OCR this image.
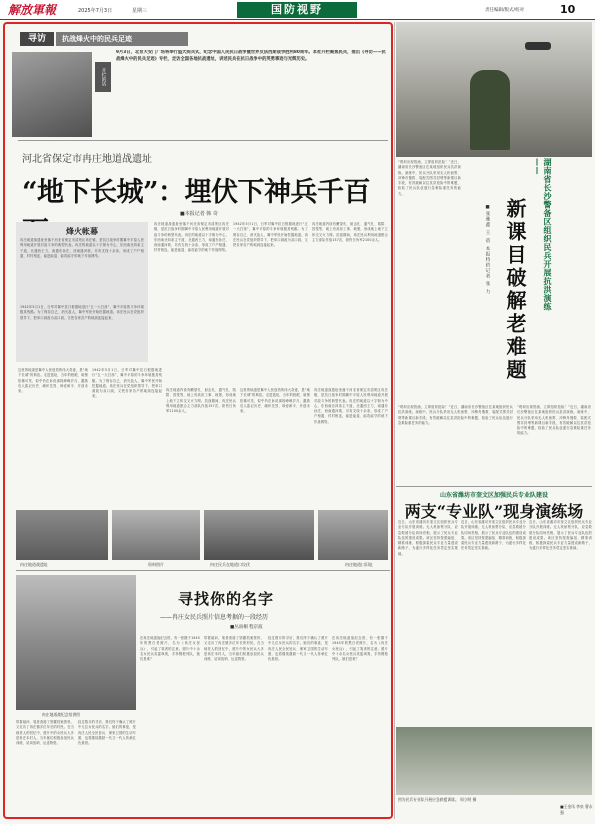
解放軍報	2025年7月3日	星期三	国防视野	责任编辑/版式/校对	10
“堤坝出现管涌，立即组织抢险！”近日，湖南省长沙警备区在某地组织民兵抗洪演练。演练中，民兵分队采用无人机侦察、冲锋舟搜救、装配式围井封堵等新课目新手段，有效破解以往抗洪抢险中的难题，检验了民兵队伍遂行急难险重任务的能力。
■张雅鑫 王 蓓 本报特约记者 张 力	湖南省长沙警备区组织民兵开展抗洪演练——
新课目破解老难题
“堤坝出现管涌，立即组织抢险！”近日，湖南省长沙警备区在某地组织民兵抗洪演练。演练中，民兵分队采用无人机侦察、冲锋舟搜救、装配式围井封堵等新课目新手段，有效破解以往抗洪抢险中的难题，检验了民兵队伍遂行急难险重任务的能力。
“堤坝出现管涌，立即组织抢险！”近日，湖南省长沙警备区在某地组织民兵抗洪演练。演练中，民兵分队采用无人机侦察、冲锋舟搜救、装配式围井封堵等新课目新手段，有效破解以往抗洪抢险中的难题，检验了民兵队伍遂行急难险重任务的能力。
山东省潍坊市奎文区加强民兵专业队建设
两支“专业队”现身演练场
近日，山东省潍坊市奎文区组织民兵专业分队开展训练。无人机侦察分队、应急救援分队同场亮相，展示了民兵专业队伍的建设成果。该区坚持按需编组、精准训练，积极探索民兵专业力量建设新路子，为遂行多样化任务奠定坚实基础。
近日，山东省潍坊市奎文区组织民兵专业分队开展训练。无人机侦察分队、应急救援分队同场亮相，展示了民兵专业队伍的建设成果。该区坚持按需编组、精准训练，积极探索民兵专业力量建设新路子，为遂行多样化任务奠定坚实基础。
近日，山东省潍坊市奎文区组织民兵专业分队开展训练。无人机侦察分队、应急救援分队同场亮相，展示了民兵专业队伍的建设成果。该区坚持按需编组、精准训练，积极探索民兵专业力量建设新路子，为遂行多样化任务奠定坚实基础。
图为民兵专业队开展应急救援训练。 周立明 摄
■王金凤 李泉 曹永强
寻访	抗战烽火中的民兵足迹
开栏的话
9月3日，北京天安门广场将举行盛大阅兵式，纪念中国人民抗日战争暨世界反法西斯战争胜利80周年。本社开栏聚焦民兵，推出《寻访——抗战烽火中的民兵足迹》专栏，走访全国各地抗战遗址，讲述民兵在抗日战争中的英勇事迹与光辉历史。
河北省保定市冉庄地道战遗址
“地下长城”：埋伏下神兵千百
■本报记者 韩 奇
烽火帐幕
冉庄地道战遗址坐落于河北省保定市清苑区冉庄镇，是抗日战争时期冀中平原人民利用地道开展对敌斗争的典型代表。冉庄的地道以十字街为中心，东西南北四条主干道，北通西王力，南通东孙庄，西南通河坡，另有支线十余条，形成了户户相通、村村相连，能进能退、能攻能守的地下作战网络。
1942年5月1日，日军对冀中抗日根据地进行“五一大扫荡”，冀中平原的斗争环境极其残酷。为了保存自己、消灭敌人，冀中军民开始挖掘地道。冉庄民兵在党组织领导下，把单口洞改为双口洞，又把各家各户的地洞连接起来。
冉庄地道战遗址坐落于河北省保定市清苑区冉庄镇，是抗日战争时期冀中平原人民利用地道开展对敌斗争的典型代表。冉庄的地道以十字街为中心，东西南北四条主干道，北通西王力，南通东孙庄，西南通河坡，另有支线十余条，形成了户户相通、村村相连，能进能退、能攻能守的地下作战网络。
1942年5月1日，日军对冀中抗日根据地进行“五一大扫荡”，冀中平原的斗争环境极其残酷。为了保存自己、消灭敌人，冀中军民开始挖掘地道。冉庄民兵在党组织领导下，把单口洞改为双口洞，又把各家各户的地洞连接起来。
冉庄地道内设有瞭望孔、射击孔、通气孔、陷阱、囚笼等，地上有高房工事、地堡，形成地上地下立体交叉火力网。抗战期间，冉庄民兵利用地道配合主力部队作战157次，毙伤日伪军2100余人。
这里的地道是冀中人民创造的伟大奇迹，是“地下长城”的典范。走进遗址，当年的枪眼、暗堡依稀可见，似乎仍在诉说那段峥嵘岁月，激励后人铭记历史、缅怀先烈、珍爱和平、开创未来。
1942年5月1日，日军对冀中抗日根据地进行“五一大扫荡”，冀中平原的斗争环境极其残酷。为了保存自己、消灭敌人，冀中军民开始挖掘地道。冉庄民兵在党组织领导下，把单口洞改为双口洞，又把各家各户的地洞连接起来。
冉庄地道内设有瞭望孔、射击孔、通气孔、陷阱、囚笼等，地上有高房工事、地堡，形成地上地下立体交叉火力网。抗战期间，冉庄民兵利用地道配合主力部队作战157次，毙伤日伪军2100余人。
这里的地道是冀中人民创造的伟大奇迹，是“地下长城”的典范。走进遗址，当年的枪眼、暗堡依稀可见，似乎仍在诉说那段峥嵘岁月，激励后人铭记历史、缅怀先烈、珍爱和平、开创未来。
冉庄地道战遗址坐落于河北省保定市清苑区冉庄镇，是抗日战争时期冀中平原人民利用地道开展对敌斗争的典型代表。冉庄的地道以十字街为中心，东西南北四条主干道，北通西王力，南通东孙庄，西南通河坡，另有支线十余条，形成了户户相通、村村相连，能进能退、能攻能守的地下作战网络。
冉庄地道战遗址	资料图片	冉庄民兵在地道口设伏	冉庄地道口旧址
冉庄地道战纪念馆供图
寻找你的名字
——冉庄女民兵照片信息考据的一段经历
■丛雨桐 程京波
在冉庄地道战纪念馆，有一张摄于1945年的黑白老照片，名为《冉庄女民兵》，引起了笔者的注意。照片中十余名女民兵英姿飒爽，手持钢枪列队，她们是谁？
带着疑问，笔者查阅了馆藏档案资料，又走访了冉庄镇多位年长的村民。在当地老人的回忆中，照片中的女民兵大多是冉庄本村人，当年她们积极参加民兵训练、站岗放哨、运送物资。
经过数月的寻访，我们终于确认了照片中几位女民兵的名字。她们的事迹，是冉庄人民全民皆兵、保家卫国的生动写照，也将继续激励一代又一代人传承红色基因。
在冉庄地道战纪念馆，有一张摄于1945年的黑白老照片，名为《冉庄女民兵》，引起了笔者的注意。照片中十余名女民兵英姿飒爽，手持钢枪列队，她们是谁？
带着疑问，笔者查阅了馆藏档案资料，又走访了冉庄镇多位年长的村民。在当地老人的回忆中，照片中的女民兵大多是冉庄本村人，当年她们积极参加民兵训练、站岗放哨、运送物资。
经过数月的寻访，我们终于确认了照片中几位女民兵的名字。她们的事迹，是冉庄人民全民皆兵、保家卫国的生动写照，也将继续激励一代又一代人传承红色基因。
